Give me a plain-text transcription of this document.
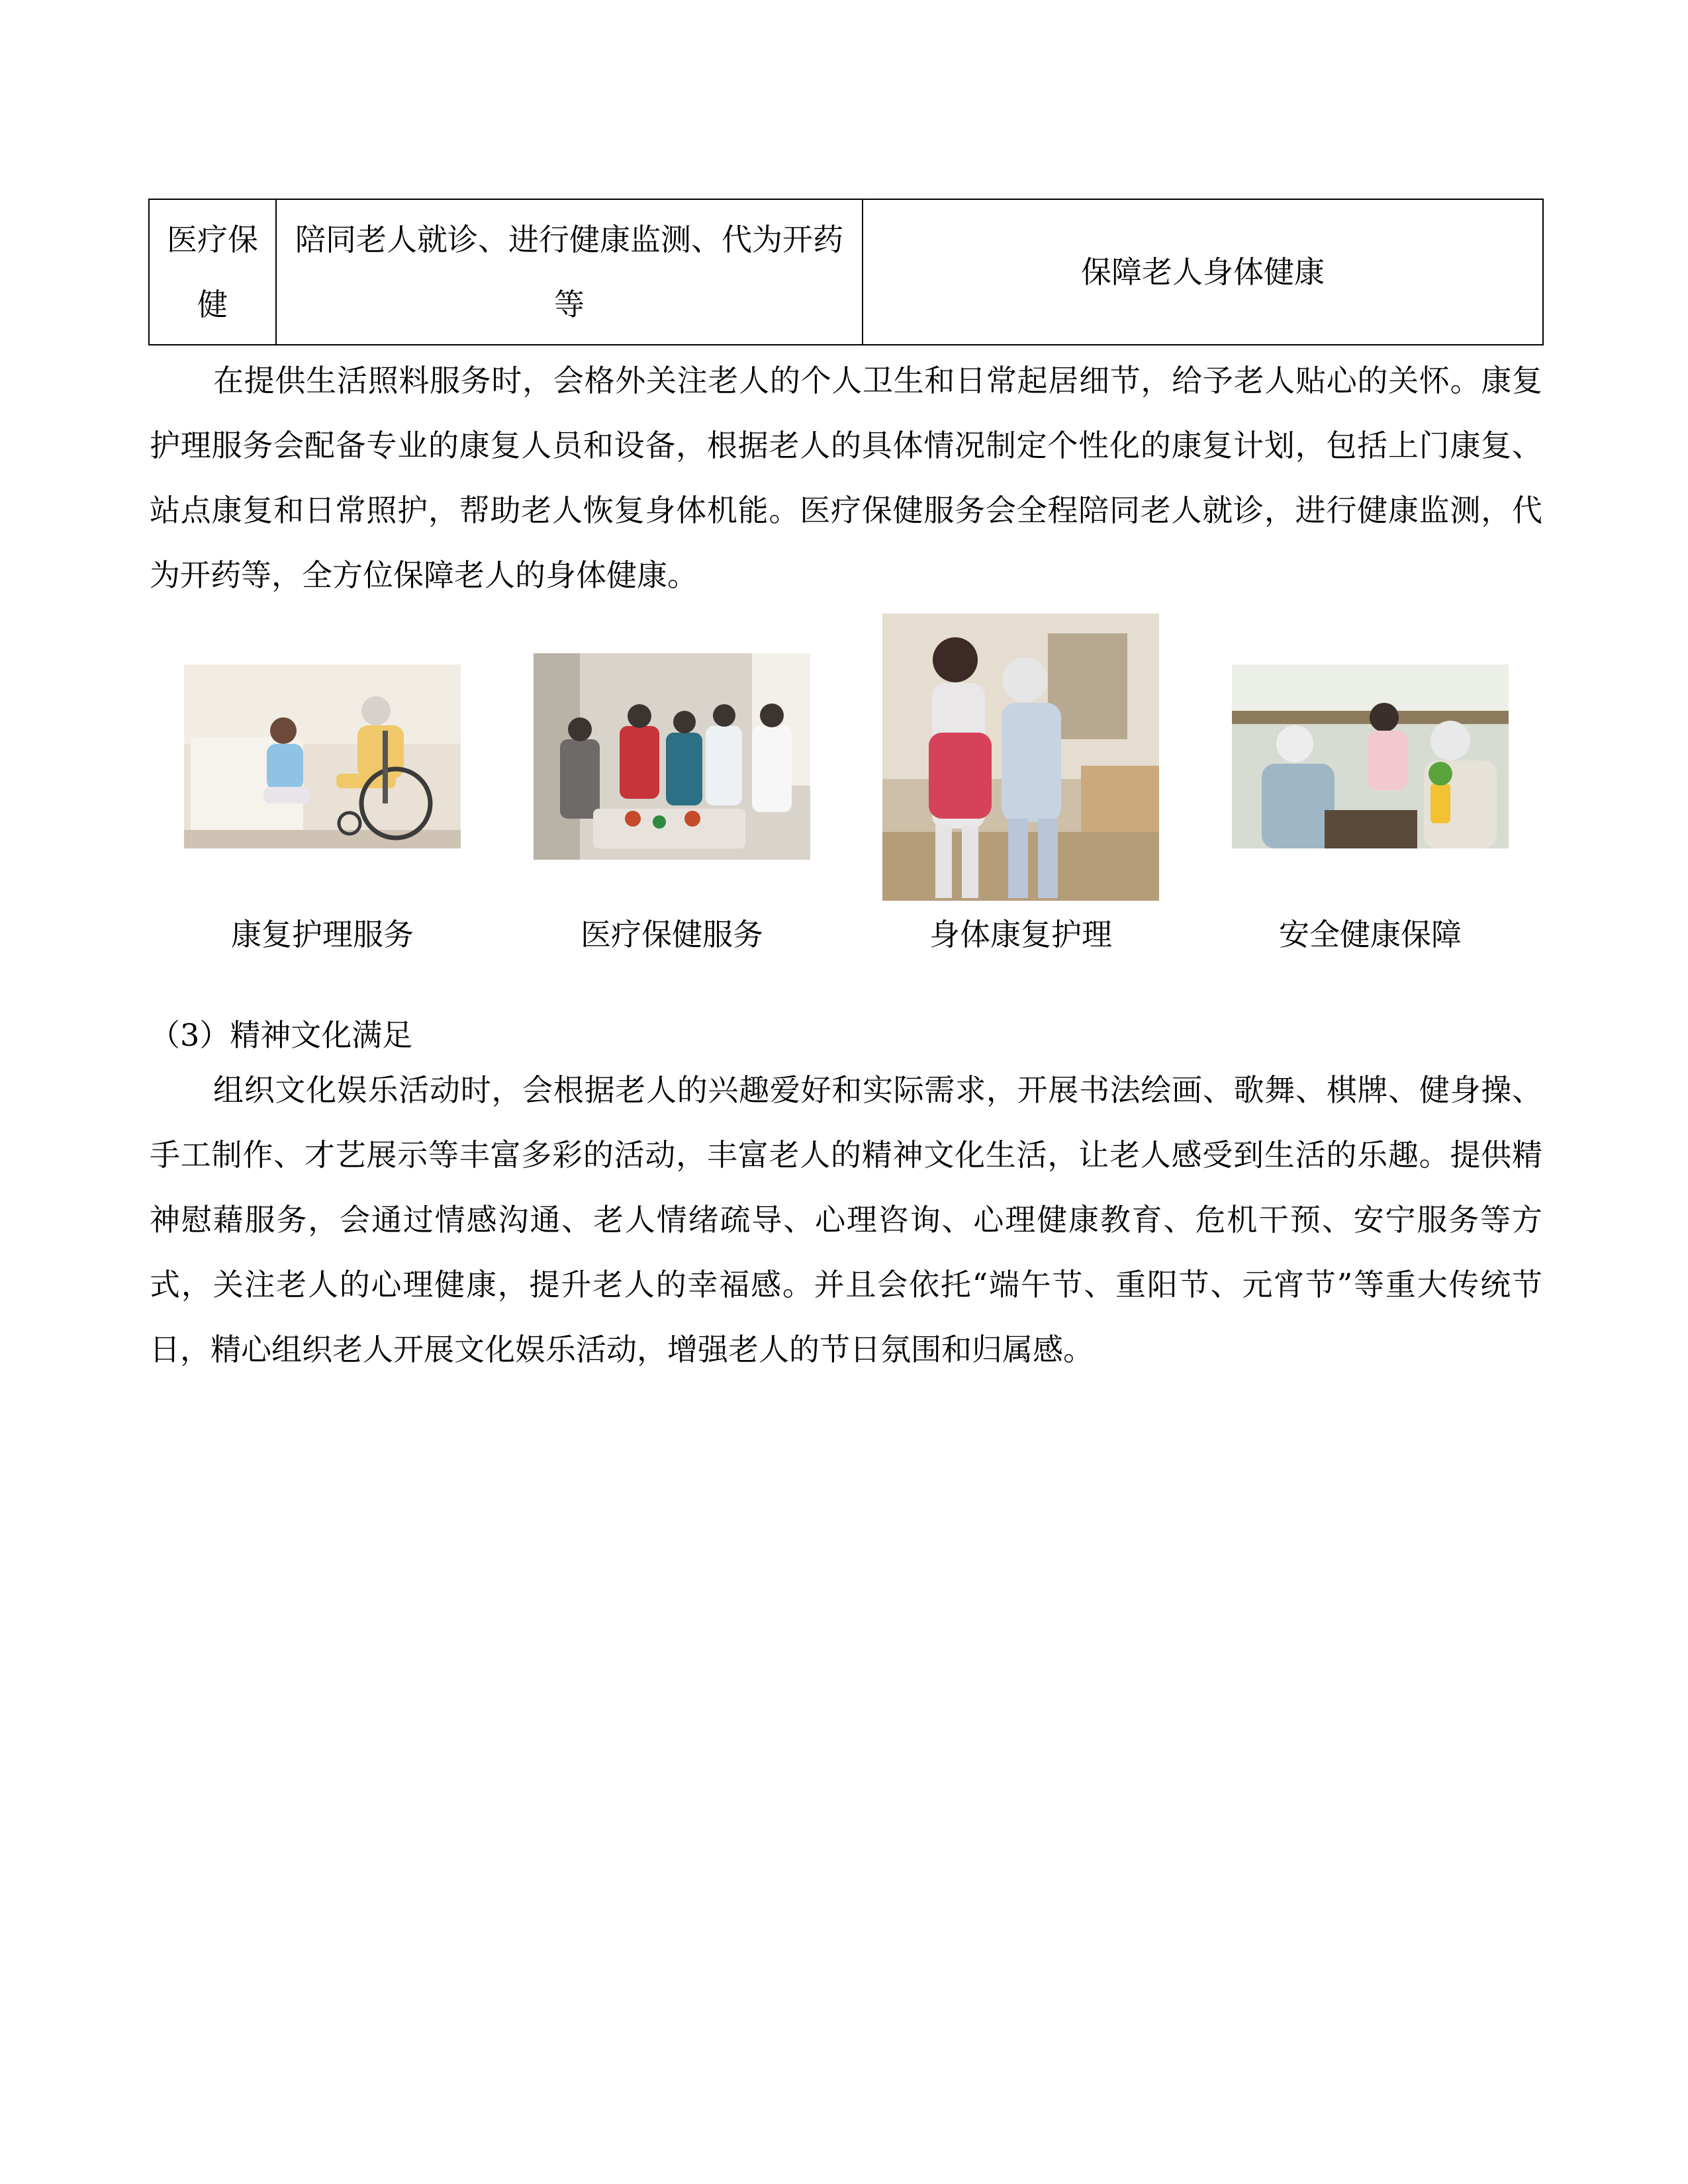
医疗保健	陪同老人就诊、进行健康监测、代为开药等	保障老人身体健康

在提供生活照料服务时，会格外关注老人的个人卫生和日常起居细节，给予老人贴心的关怀。康复护理服务会配备专业的康复人员和设备，根据老人的具体情况制定个性化的康复计划，包括上门康复、站点康复和日常照护，帮助老人恢复身体机能。医疗保健服务会全程陪同老人就诊，进行健康监测，代为开药等，全方位保障老人的身体健康。

康复护理服务	医疗保健服务	身体康复护理	安全健康保障

（3）精神文化满足

组织文化娱乐活动时，会根据老人的兴趣爱好和实际需求，开展书法绘画、歌舞、棋牌、健身操、手工制作、才艺展示等丰富多彩的活动，丰富老人的精神文化生活，让老人感受到生活的乐趣。提供精神慰藉服务，会通过情感沟通、老人情绪疏导、心理咨询、心理健康教育、危机干预、安宁服务等方式，关注老人的心理健康，提升老人的幸福感。并且会依托“端午节、重阳节、元宵节”等重大传统节日，精心组织老人开展文化娱乐活动，增强老人的节日氛围和归属感。
